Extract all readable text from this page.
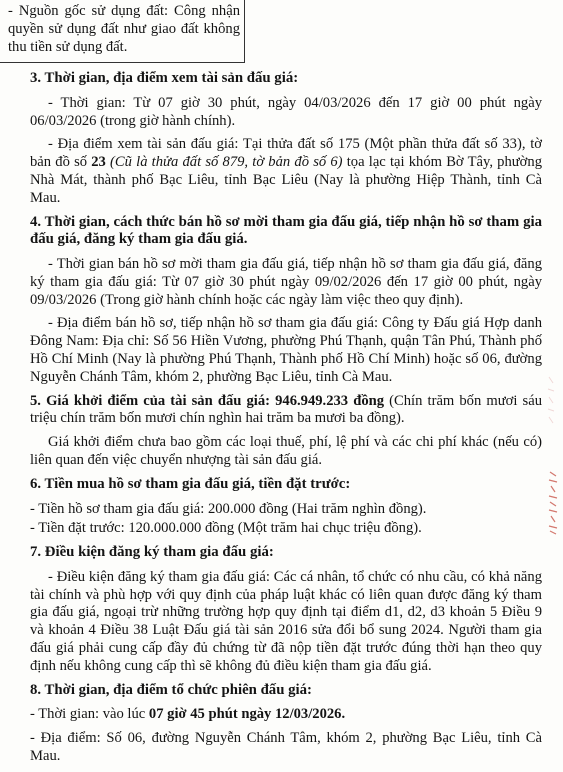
- Nguồn gốc sử dụng đất: Công nhận quyền sử dụng đất như giao đất không thu tiền sử dụng đất.
3. Thời gian, địa điểm xem tài sản đấu giá:

- Thời gian: Từ 07 giờ 30 phút, ngày 04/03/2026 đến 17 giờ 00 phút ngày 06/03/2026 (trong giờ hành chính).

- Địa điểm xem tài sản đấu giá: Tại thửa đất số 175 (Một phần thửa đất số 33), tờ bản đồ số 23 (Cũ là thửa đất số 879, tờ bản đồ số 6) tọa lạc tại khóm Bờ Tây, phường Nhà Mát, thành phố Bạc Liêu, tỉnh Bạc Liêu (Nay là phường Hiệp Thành, tỉnh Cà Mau.

4. Thời gian, cách thức bán hồ sơ mời tham gia đấu giá, tiếp nhận hồ sơ tham gia đấu giá, đăng ký tham gia đấu giá.

- Thời gian bán hồ sơ mời tham gia đấu giá, tiếp nhận hồ sơ tham gia đấu giá, đăng ký tham gia đấu giá: Từ 07 giờ 30 phút ngày 09/02/2026 đến 17 giờ 00 phút, ngày 09/03/2026 (Trong giờ hành chính hoặc các ngày làm việc theo quy định).

- Địa điểm bán hồ sơ, tiếp nhận hồ sơ tham gia đấu giá: Công ty Đấu giá Hợp danh Đông Nam: Địa chỉ: Số 56 Hiền Vương, phường Phú Thạnh, quận Tân Phú, Thành phố Hồ Chí Minh (Nay là phường Phú Thạnh, Thành phố Hồ Chí Minh) hoặc số 06, đường Nguyễn Chánh Tâm, khóm 2, phường Bạc Liêu, tỉnh Cà Mau.

5. Giá khởi điểm của tài sản đấu giá: 946.949.233 đồng (Chín trăm bốn mươi sáu triệu chín trăm bốn mươi chín nghìn hai trăm ba mươi ba đồng).

Giá khởi điểm chưa bao gồm các loại thuế, phí, lệ phí và các chi phí khác (nếu có) liên quan đến việc chuyển nhượng tài sản đấu giá.

6. Tiền mua hồ sơ tham gia đấu giá, tiền đặt trước:

- Tiền hồ sơ tham gia đấu giá: 200.000 đồng (Hai trăm nghìn đồng).

- Tiền đặt trước: 120.000.000 đồng (Một trăm hai chục triệu đồng).

7. Điều kiện đăng ký tham gia đấu giá:

- Điều kiện đăng ký tham gia đấu giá: Các cá nhân, tổ chức có nhu cầu, có khả năng tài chính và phù hợp với quy định của pháp luật khác có liên quan được đăng ký tham gia đấu giá, ngoại trừ những trường hợp quy định tại điểm d1, d2, d3 khoản 5 Điều 9 và khoản 4 Điều 38 Luật Đấu giá tài sản 2016 sửa đổi bổ sung 2024. Người tham gia đấu giá phải cung cấp đầy đủ chứng từ đã nộp tiền đặt trước đúng thời hạn theo quy định nếu không cung cấp thì sẽ không đủ điều kiện tham gia đấu giá.

8. Thời gian, địa điểm tổ chức phiên đấu giá:

- Thời gian: vào lúc 07 giờ 45 phút ngày 12/03/2026.

- Địa điểm: Số 06, đường Nguyễn Chánh Tâm, khóm 2, phường Bạc Liêu, tỉnh Cà Mau.
